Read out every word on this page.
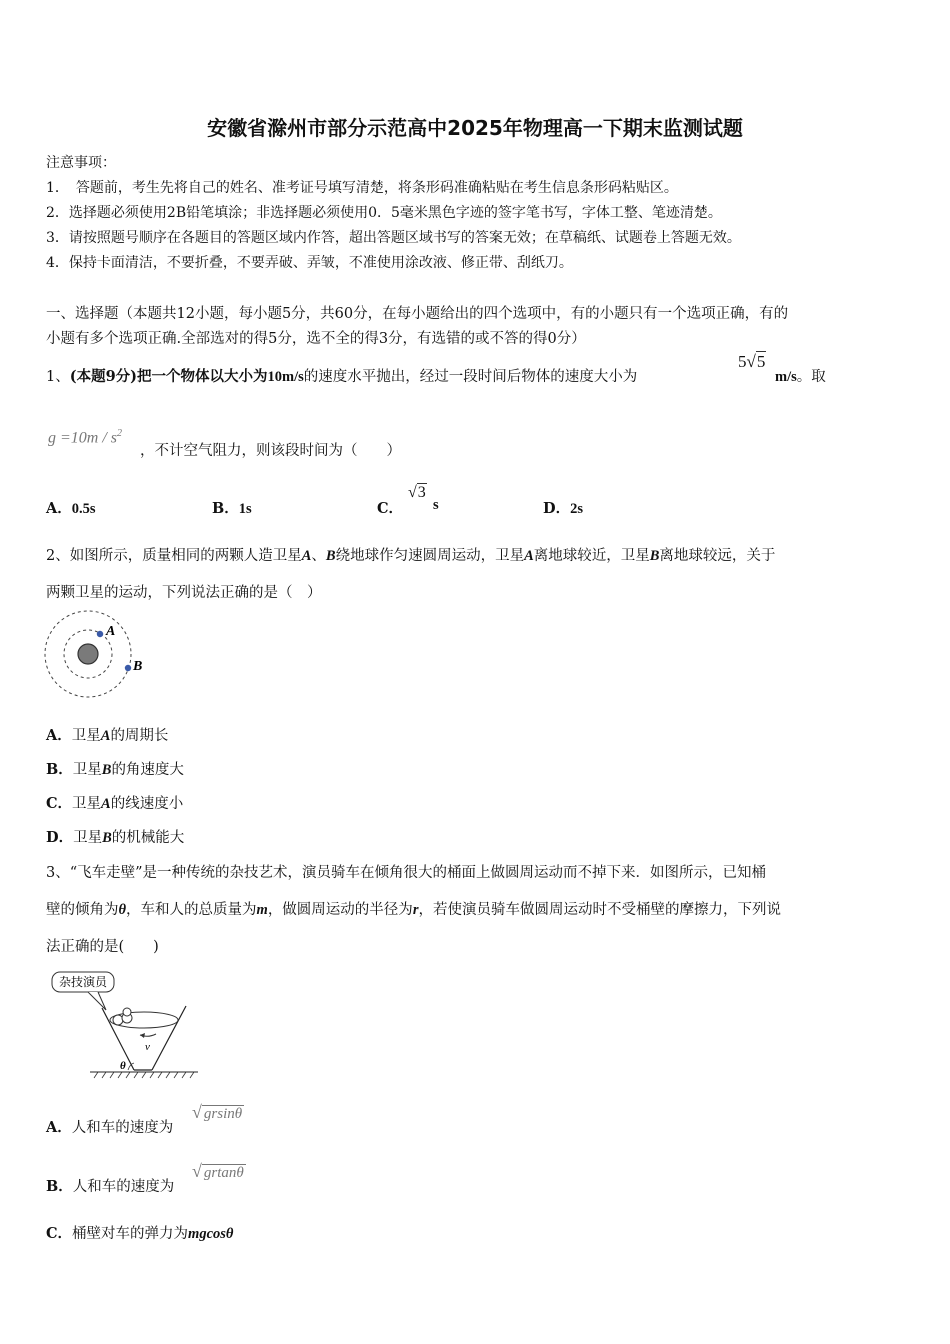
安徽省滁州市部分示范高中2025年物理高一下期末监测试题
注意事项：
1．　答题前，考生先将自己的姓名、准考证号填写清楚，将条形码准确粘贴在考生信息条形码粘贴区。
2．选择题必须使用2B铅笔填涂；非选择题必须使用0．5毫米黑色字迹的签字笔书写，字体工整、笔迹清楚。
3．请按照题号顺序在各题目的答题区域内作答，超出答题区域书写的答案无效；在草稿纸、试题卷上答题无效。
4．保持卡面清洁，不要折叠，不要弄破、弄皱，不准使用涂改液、修正带、刮纸刀。
一、选择题（本题共12小题，每小题5分，共60分，在每小题给出的四个选项中，有的小题只有一个选项正确，有的
小题有多个选项正确.全部选对的得5分，选不全的得3分，有选错的或不答的得0分）
1、(本题9分)把一个物体以大小为10m/s的速度水平抛出，经过一段时间后物体的速度大小为
5√5
m/s。取
$g =10m / s^2$
，不计空气阻力，则该段时间为（　　）
A．0.5s	B．1s	C．
√3
s	D．2s
2、如图所示，质量相同的两颗人造卫星A、B绕地球作匀速圆周运动，卫星A离地球较近，卫星B离地球较远，关于
两颗卫星的运动，下列说法正确的是（　）
A
B
A．卫星A的周期长
B．卫星B的角速度大
C．卫星A的线速度小
D．卫星B的机械能大
3、“飞车走壁”是一种传统的杂技艺术，演员骑车在倾角很大的桶面上做圆周运动而不掉下来．如图所示，已知桶
壁的倾角为θ，车和人的总质量为m，做圆周运动的半径为r，若使演员骑车做圆周运动时不受桶壁的摩擦力，下列说
法正确的是(　　)
杂技演员
v
θ
A．人和车的速度为
√ grsinθ
B．人和车的速度为
√ grtanθ
C．桶壁对车的弹力为mgcosθ
